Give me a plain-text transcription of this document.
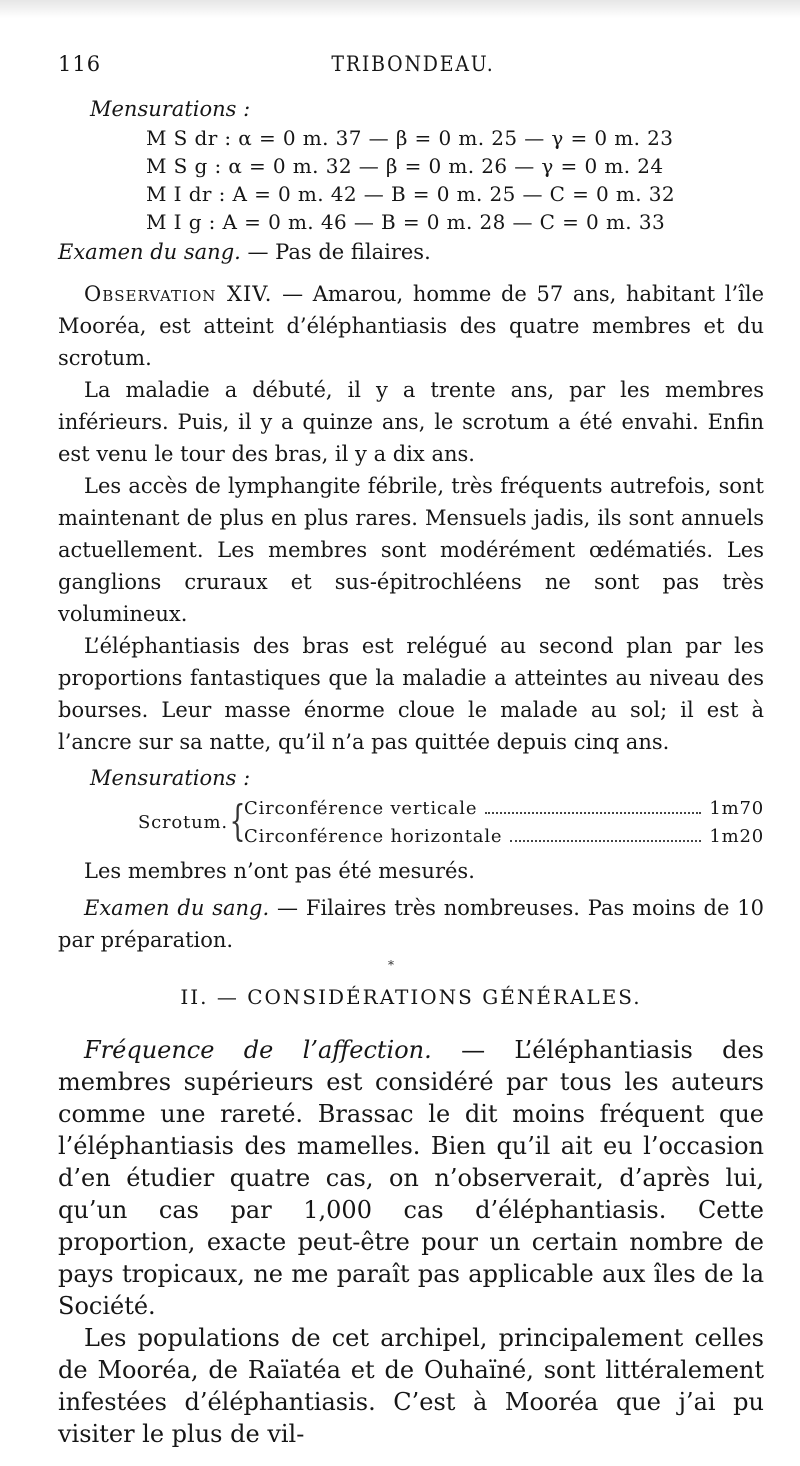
116	TRIBONDEAU.

Mensurations :

M S dr : α = 0 m. 37 — β = 0 m. 25 — γ = 0 m. 23

M S g : α = 0 m. 32 — β = 0 m. 26 — γ = 0 m. 24

M I dr : A = 0 m. 42 — B = 0 m. 25 — C = 0 m. 32

M I g : A = 0 m. 46 — B = 0 m. 28 — C = 0 m. 33

Examen du sang. — Pas de filaires.

Observation XIV. — Amarou, homme de 57 ans, habitant l’île Mooréa, est atteint d’éléphantiasis des quatre membres et du scrotum.

La maladie a débuté, il y a trente ans, par les membres inférieurs. Puis, il y a quinze ans, le scrotum a été envahi. Enfin est venu le tour des bras, il y a dix ans.

Les accès de lymphangite fébrile, très fréquents autrefois, sont maintenant de plus en plus rares. Mensuels jadis, ils sont annuels actuellement. Les membres sont modérément œdématiés. Les ganglions cruraux et sus-épitrochléens ne sont pas très volumineux.

L’éléphantiasis des bras est relégué au second plan par les proportions fantastiques que la maladie a atteintes au niveau des bourses. Leur masse énorme cloue le malade au sol; il est à l’ancre sur sa natte, qu’il n’a pas quittée depuis cinq ans.

Mensurations :

Scrotum. {
Circonférence verticale	1m70
Circonférence horizontale	1m20

Les membres n’ont pas été mesurés.

Examen du sang. — Filaires très nombreuses. Pas moins de 10 par préparation.

*
II. — CONSIDÉRATIONS GÉNÉRALES.

Fréquence de l’affection. — L’éléphantiasis des membres supérieurs est considéré par tous les auteurs comme une rareté. Brassac le dit moins fréquent que l’éléphantiasis des mamelles. Bien qu’il ait eu l’occasion d’en étudier quatre cas, on n’observerait, d’après lui, qu’un cas par 1,000 cas d’éléphantiasis. Cette proportion, exacte peut-être pour un certain nombre de pays tropicaux, ne me paraît pas applicable aux îles de la Société.

Les populations de cet archipel, principalement celles de Mooréa, de Raïatéa et de Ouhaïné, sont littéralement infestées d’éléphantiasis. C’est à Mooréa que j’ai pu visiter le plus de vil-
